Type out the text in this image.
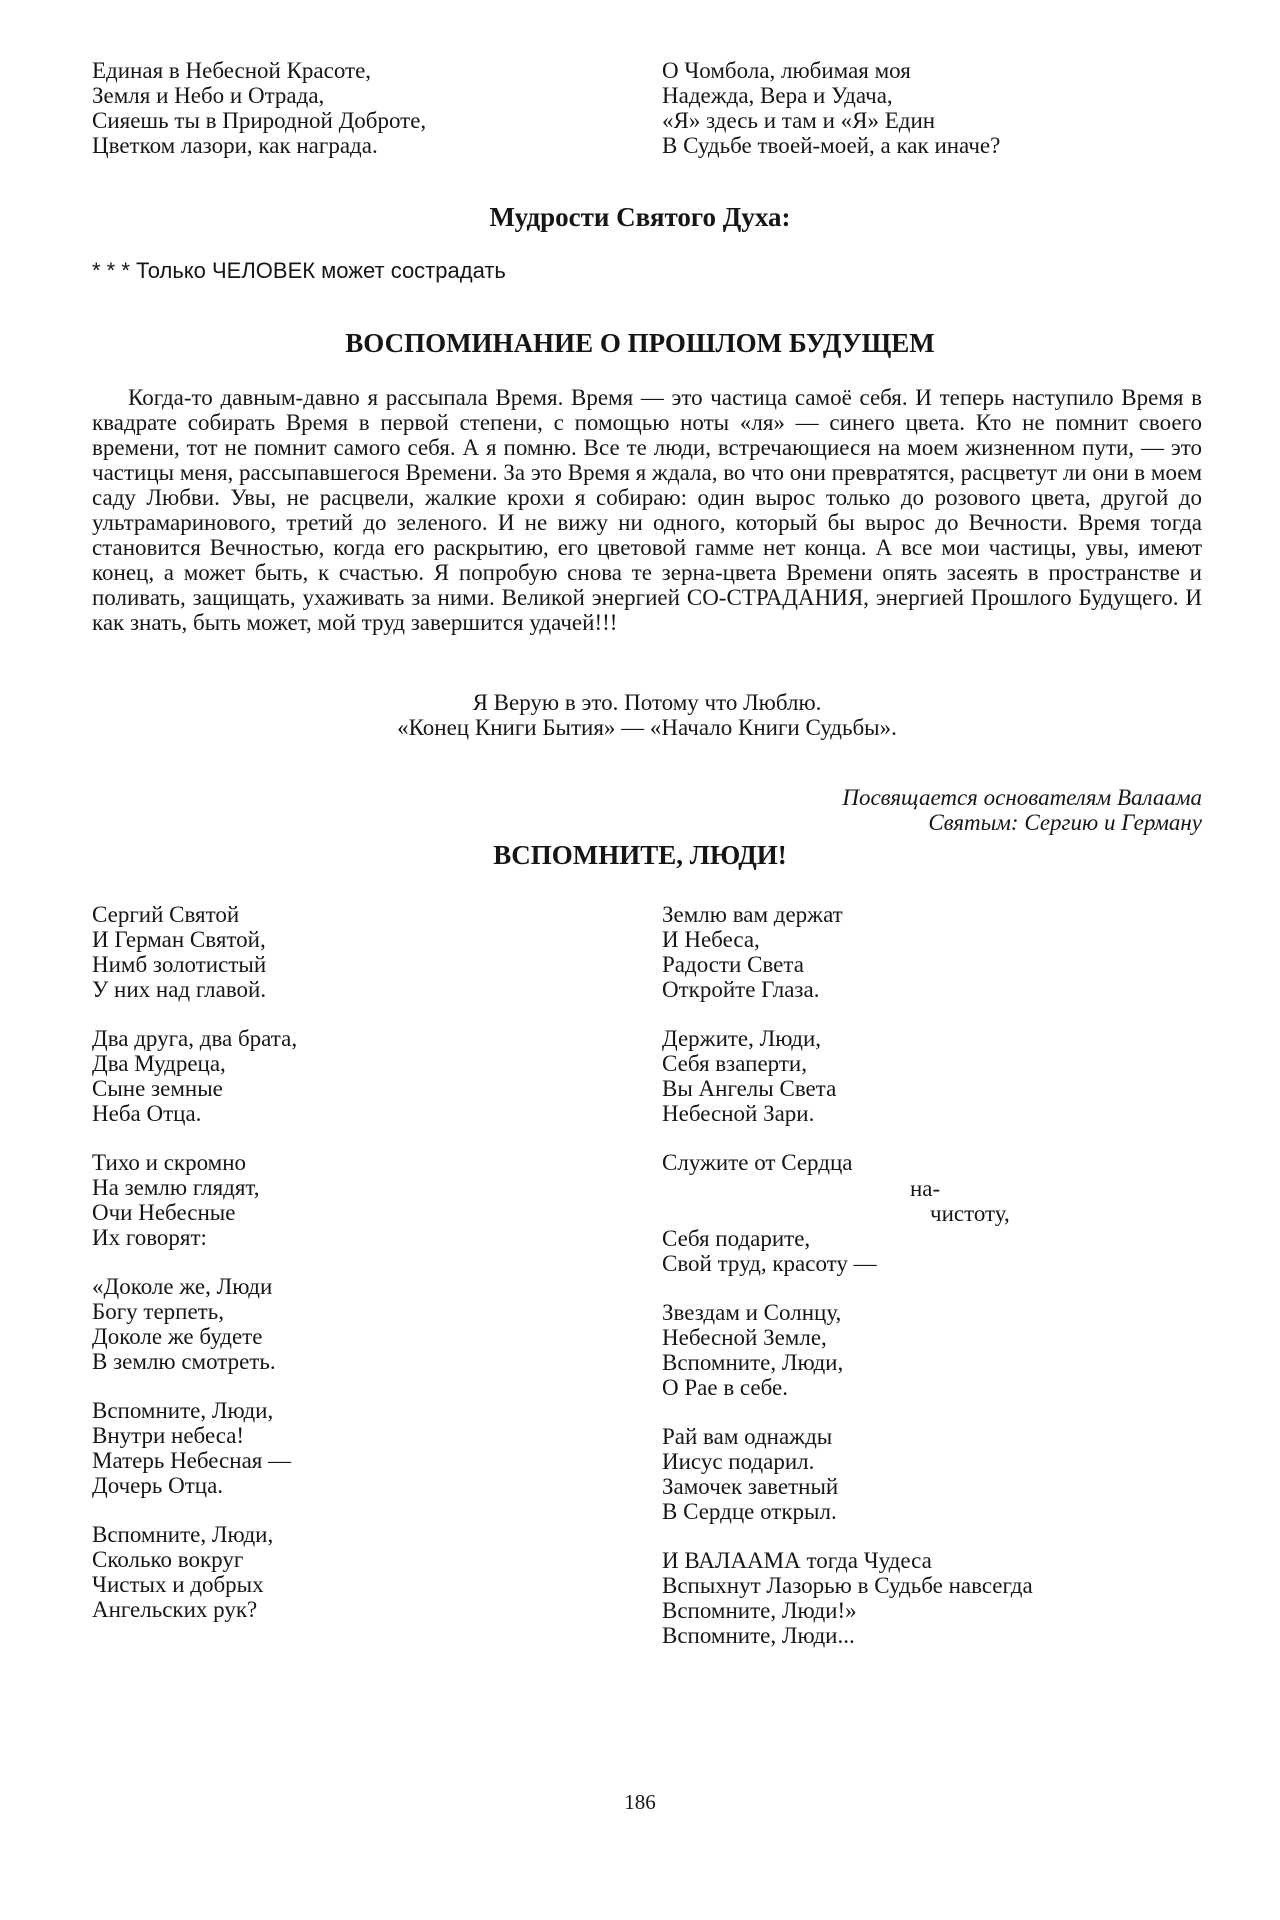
Единая в Небесной Красоте,
Земля и Небо и Отрада,
Сияешь ты в Природной Доброте,
Цветком лазори, как награда.
О Чомбола, любимая моя
Надежда, Вера и Удача,
«Я» здесь и там и «Я» Един
В Судьбе твоей-моей, а как иначе?
Мудрости Святого Духа:
* * * Только ЧЕЛОВЕК может сострадать
ВОСПОМИНАНИЕ О ПРОШЛОМ БУДУЩЕМ
Когда-то давным-давно я рассыпала Время. Время — это частица самоё себя. И теперь наступило Время в квадрате собирать Время в первой степени, с помощью ноты «ля» — синего цвета. Кто не помнит своего времени, тот не помнит самого себя. А я помню. Все те люди, встречающиеся на моем жизненном пути, — это частицы меня, рассыпавшегося Времени. За это Время я ждала, во что они превратятся, расцветут ли они в моем саду Любви. Увы, не расцвели, жалкие крохи я собираю: один вырос только до розового цвета, другой до ультрамаринового, третий до зеленого. И не вижу ни одного, который бы вырос до Вечности. Время тогда становится Вечностью, когда его раскрытию, его цветовой гамме нет конца. А все мои частицы, увы, имеют конец, а может быть, к счастью. Я попробую снова те зерна-цвета Времени опять засеять в пространстве и поливать, защищать, ухаживать за ними. Великой энергией СО-СТРАДАНИЯ, энергией Прошлого Будущего. И как знать, быть может, мой труд завершится удачей!!!
Я Верую в это. Потому что Люблю.
«Конец Книги Бытия» — «Начало Книги Судьбы».
Посвящается основателям Валаама
Святым: Сергию и Герману
ВСПОМНИТЕ, ЛЮДИ!
Сергий Святой
И Герман Святой,
Нимб золотистый
У них над главой.
Два друга, два брата,
Два Мудреца,
Сыне земные
Неба Отца.
Тихо и скромно
На землю глядят,
Очи Небесные
Их говорят:
«Доколе же, Люди
Богу терпеть,
Доколе же будете
В землю смотреть.
Вспомните, Люди,
Внутри небеса!
Матерь Небесная —
Дочерь Отца.
Вспомните, Люди,
Сколько вокруг
Чистых и добрых
Ангельских рук?
Землю вам держат
И Небеса,
Радости Света
Откройте Глаза.
Держите, Люди,
Себя взаперти,
Вы Ангелы Света
Небесной Зари.
Служите от Сердца
на-
чистоту,
Себя подарите,
Свой труд, красоту —
Звездам и Солнцу,
Небесной Земле,
Вспомните, Люди,
О Рае в себе.
Рай вам однажды
Иисус подарил.
Замочек заветный
В Сердце открыл.
И ВАЛААМА тогда Чудеса
Вспыхнут Лазорью в Судьбе навсегда
Вспомните, Люди!»
Вспомните, Люди...
186
